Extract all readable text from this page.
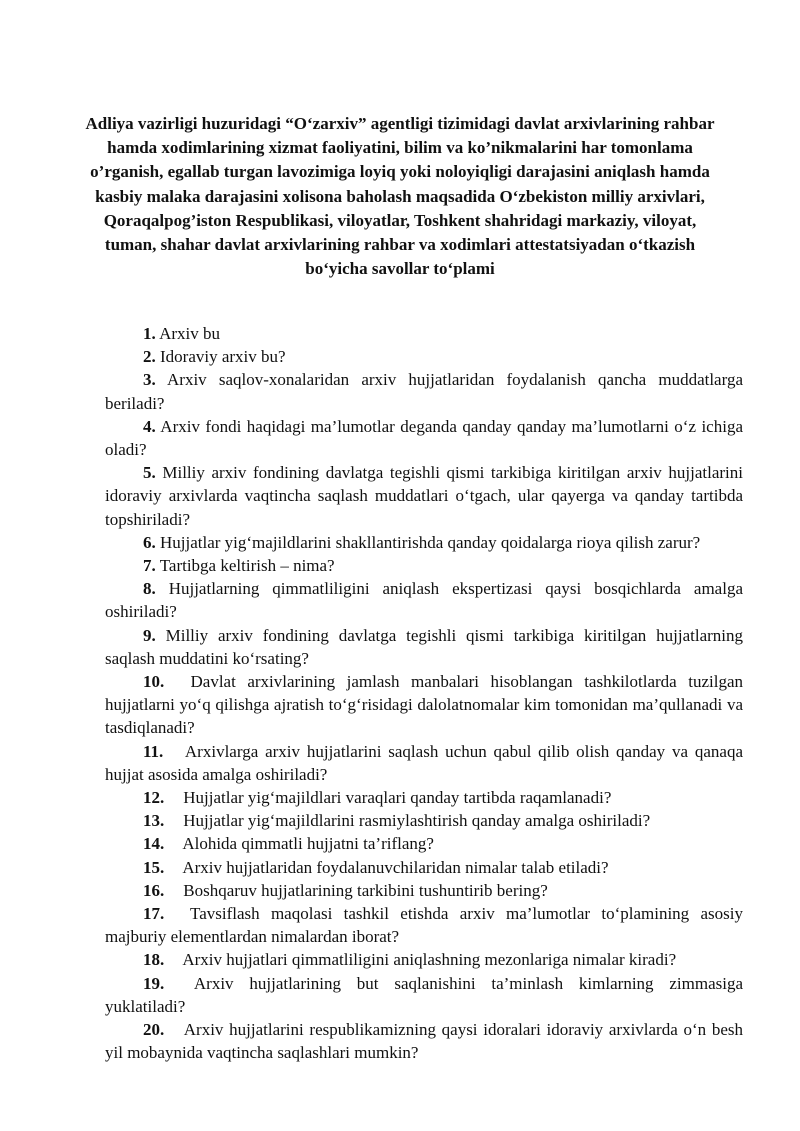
Adliya vazirligi huzuridagi “O‘zarxiv” agentligi tizimidagi davlat arxivlarining rahbar hamda xodimlarining xizmat faoliyatini, bilim va ko’nikmalarini har tomonlama o’rganish, egallab turgan lavozimiga loyiq yoki noloyiqligi darajasini aniqlash hamda kasbiy malaka darajasini xolisona baholash maqsadida O‘zbekiston milliy arxivlari, Qoraqalpog’iston Respublikasi, viloyatlar, Toshkent shahridagi markaziy, viloyat, tuman, shahar davlat arxivlarining rahbar va xodimlari attestatsiyadan o‘tkazish bo‘yicha savollar to‘plami
1. Arxiv bu
2. Idoraviy arxiv bu?
3. Arxiv saqlov-xonalaridan arxiv hujjatlaridan foydalanish qancha muddatlarga beriladi?
4. Arxiv fondi haqidagi ma’lumotlar deganda qanday qanday ma’lumotlarni o‘z ichiga oladi?
5. Milliy arxiv fondining davlatga tegishli qismi tarkibiga kiritilgan arxiv hujjatlarini idoraviy arxivlarda vaqtincha saqlash muddatlari o‘tgach, ular qayerga va qanday tartibda topshiriladi?
6. Hujjatlar yig‘majildlarini shakllantirishda qanday qoidalarga rioya qilish zarur?
7. Tartibga keltirish – nima?
8. Hujjatlarning qimmatliligini aniqlash ekspertizasi qaysi bosqichlarda amalga oshiriladi?
9. Milliy arxiv fondining davlatga tegishli qismi tarkibiga kiritilgan hujjatlarning saqlash muddatini ko‘rsating?
10. Davlat arxivlarining jamlash manbalari hisoblangan tashkilotlarda tuzilgan hujjatlarni yo‘q qilishga ajratish to‘g‘risidagi dalolatnomalar kim tomonidan ma’qullanadi va tasdiqlanadi?
11. Arxivlarga arxiv hujjatlarini saqlash uchun qabul qilib olish qanday va qanaqa hujjat asosida amalga oshiriladi?
12. Hujjatlar yig‘majildlari varaqlari qanday tartibda raqamlanadi?
13. Hujjatlar yig‘majildlarini rasmiylashtirish qanday amalga oshiriladi?
14. Alohida qimmatli hujjatni ta’riflang?
15. Arxiv hujjatlaridan foydalanuvchilaridan nimalar talab etiladi?
16. Boshqaruv hujjatlarining tarkibini tushuntirib bering?
17. Tavsiflash maqolasi tashkil etishda arxiv ma’lumotlar to‘plamining asosiy majburiy elementlardan nimalardan iborat?
18. Arxiv hujjatlari qimmatliligini aniqlashning mezonlariga nimalar kiradi?
19. Arxiv hujjatlarining but saqlanishini ta’minlash kimlarning zimmasiga yuklatiladi?
20. Arxiv hujjatlarini respublikamizning qaysi idoralari idoraviy arxivlarda o‘n besh yil mobaynida vaqtincha saqlashlari mumkin?
